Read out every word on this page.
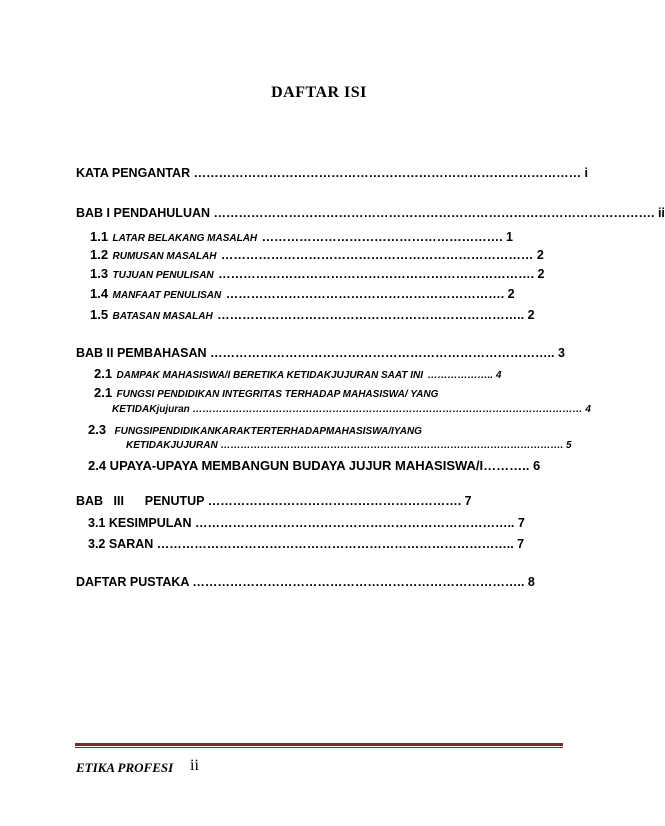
DAFTAR ISI
KATA PENGANTAR ………………………………………………………………………………… i
BAB I PENDAHULUAN ……………………………………………………………………………………………. ii
1.1 LATAR BELAKANG MASALAH …………………………………………………. 1
1.2 RUMUSAN MASALAH ………………………………………………………………… 2
1.3 TUJUAN PENULISAN …………………………………………………………………. 2
1.4 MANFAAT PENULISAN …………………………………………………………. 2
1.5 BATASAN MASALAH ……………………………………………………………….. 2
BAB II PEMBAHASAN ……………………………………………………………………….. 3
2.1 DAMPAK MAHASISWA/I BERETIKA KETIDAKJUJURAN SAAT INI ……………….. 4
2.1 FUNGSI PENDIDIKAN INTEGRITAS TERHADAP MAHASISWA/ YANG
KETIDAKjujuran ……………………………………………………………………………………………………… 4
2.3 FUNGSIPENDIDIKANKARAKTERTERHADAPMAHASISWA/IYANG
KETIDAKJUJURAN …………………………………………………………………………………………. 5
2.4 UPAYA-UPAYA MEMBANGUN BUDAYA JUJUR MAHASISWA/I……….. 6
BAB   III      PENUTUP ……………………………………………………. 7
3.1 KESIMPULAN ………………………………………………………………….. 7
3.2 SARAN ………………………………………………………………………….. 7
DAFTAR PUSTAKA …………………………………………………………………….. 8
ETIKA PROFESI ii
